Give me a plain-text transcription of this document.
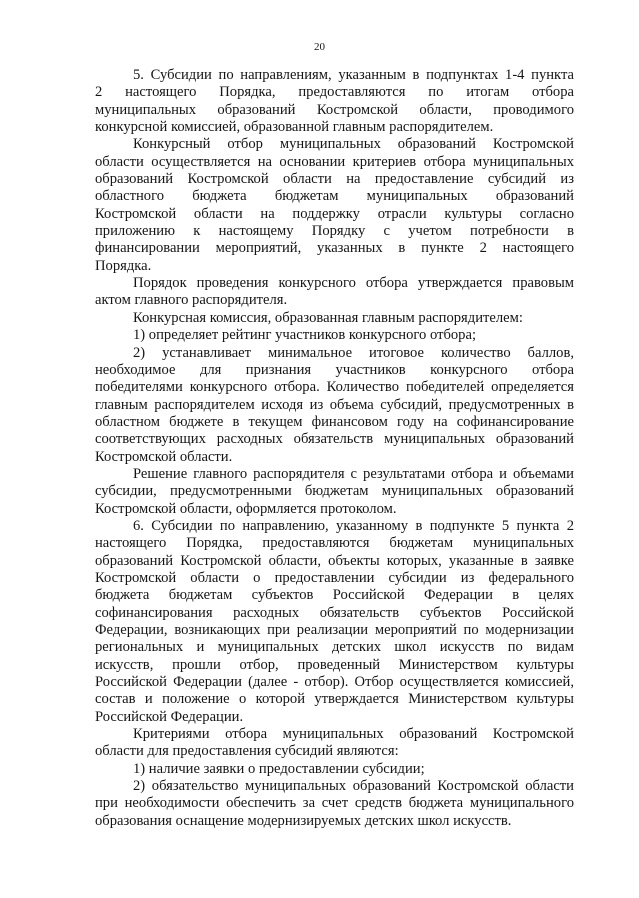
20
5. Субсидии по направлениям, указанным в подпунктах 1-4 пункта
2 настоящего Порядка, предоставляются по итогам отбора
муниципальных образований Костромской области, проводимого
конкурсной комиссией, образованной главным распорядителем.
Конкурсный отбор муниципальных образований Костромской
области осуществляется на основании критериев отбора муниципальных
образований Костромской области на предоставление субсидий из
областного бюджета бюджетам муниципальных образований
Костромской области на поддержку отрасли культуры согласно
приложению к настоящему Порядку с учетом потребности в
финансировании мероприятий, указанных в пункте 2 настоящего
Порядка.
Порядок проведения конкурсного отбора утверждается правовым
актом главного распорядителя.
Конкурсная комиссия, образованная главным распорядителем:
1) определяет рейтинг участников конкурсного отбора;
2) устанавливает минимальное итоговое количество баллов,
необходимое для признания участников конкурсного отбора
победителями конкурсного отбора. Количество победителей определяется
главным распорядителем исходя из объема субсидий, предусмотренных в
областном бюджете в текущем финансовом году на софинансирование
соответствующих расходных обязательств муниципальных образований
Костромской области.
Решение главного распорядителя с результатами отбора и объемами
субсидии, предусмотренными бюджетам муниципальных образований
Костромской области, оформляется протоколом.
6. Субсидии по направлению, указанному в подпункте 5 пункта 2
настоящего Порядка, предоставляются бюджетам муниципальных
образований Костромской области, объекты которых, указанные в заявке
Костромской области о предоставлении субсидии из федерального
бюджета бюджетам субъектов Российской Федерации в целях
софинансирования расходных обязательств субъектов Российской
Федерации, возникающих при реализации мероприятий по модернизации
региональных и муниципальных детских школ искусств по видам
искусств, прошли отбор, проведенный Министерством культуры
Российской Федерации (далее - отбор). Отбор осуществляется комиссией,
состав и положение о которой утверждается Министерством культуры
Российской Федерации.
Критериями отбора муниципальных образований Костромской
области для предоставления субсидий являются:
1) наличие заявки о предоставлении субсидии;
2) обязательство муниципальных образований Костромской области
при необходимости обеспечить за счет средств бюджета муниципального
образования оснащение модернизируемых детских школ искусств.
